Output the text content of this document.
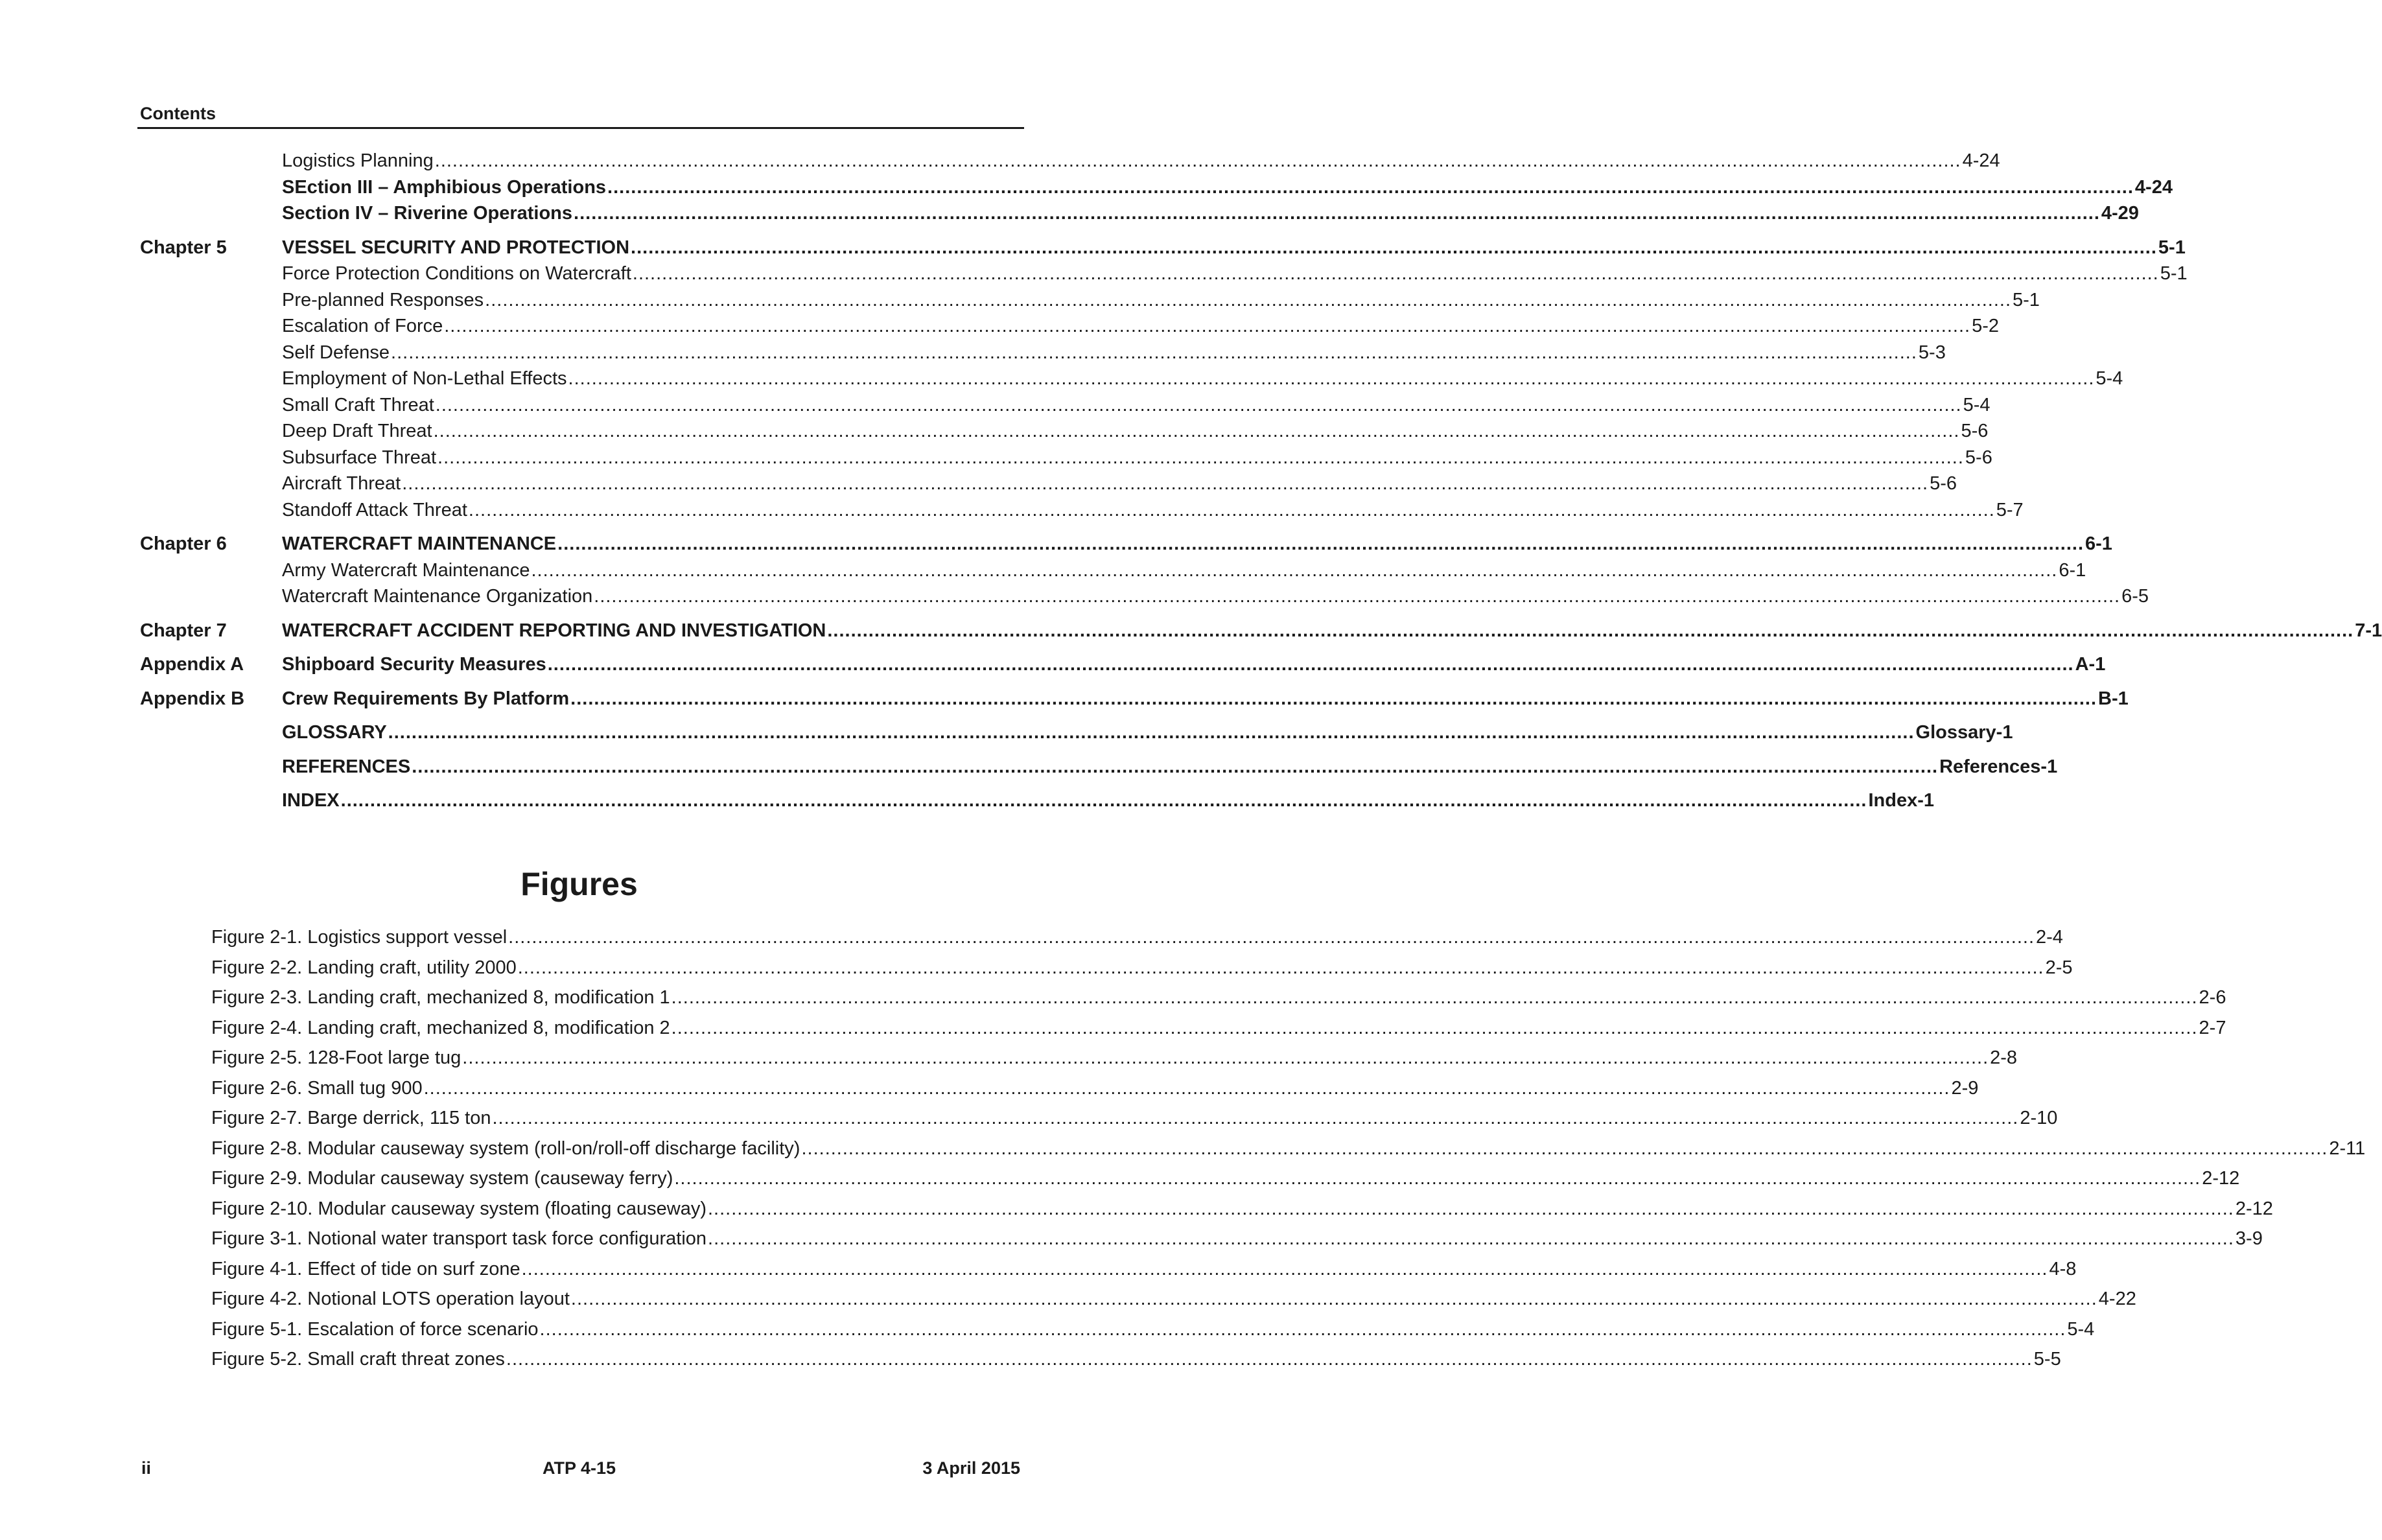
Contents
Logistics Planning .................................................................................................................................................................................................................................................................... 4-24
SEction III – Amphibious Operations .................................................................................................................................................................................................................................................................... 4-24
Section IV – Riverine Operations .................................................................................................................................................................................................................................................................... 4-29
Chapter 5	VESSEL SECURITY AND PROTECTION .................................................................................................................................................................................................................................................................... 5-1
Force Protection Conditions on Watercraft .................................................................................................................................................................................................................................................................... 5-1
Pre-planned Responses .................................................................................................................................................................................................................................................................... 5-1
Escalation of Force .................................................................................................................................................................................................................................................................... 5-2
Self Defense .................................................................................................................................................................................................................................................................... 5-3
Employment of Non-Lethal Effects .................................................................................................................................................................................................................................................................... 5-4
Small Craft Threat .................................................................................................................................................................................................................................................................... 5-4
Deep Draft Threat .................................................................................................................................................................................................................................................................... 5-6
Subsurface Threat .................................................................................................................................................................................................................................................................... 5-6
Aircraft Threat .................................................................................................................................................................................................................................................................... 5-6
Standoff Attack Threat .................................................................................................................................................................................................................................................................... 5-7
Chapter 6	WATERCRAFT MAINTENANCE .................................................................................................................................................................................................................................................................... 6-1
Army Watercraft Maintenance .................................................................................................................................................................................................................................................................... 6-1
Watercraft Maintenance Organization .................................................................................................................................................................................................................................................................... 6-5
Chapter 7	WATERCRAFT ACCIDENT REPORTING AND INVESTIGATION .................................................................................................................................................................................................................................................................... 7-1
Appendix A Shipboard Security Measures .................................................................................................................................................................................................................................................................... A-1
Appendix B Crew Requirements By Platform .................................................................................................................................................................................................................................................................... B-1
GLOSSARY .................................................................................................................................................................................................................................................................... Glossary-1
REFERENCES .................................................................................................................................................................................................................................................................... References-1
INDEX .................................................................................................................................................................................................................................................................... Index-1
Figures
Figure 2-1. Logistics support vessel .................................................................................................................................................................................................................................................................... 2-4
Figure 2-2. Landing craft, utility 2000 .................................................................................................................................................................................................................................................................... 2-5
Figure 2-3. Landing craft, mechanized 8, modification 1 .................................................................................................................................................................................................................................................................... 2-6
Figure 2-4. Landing craft, mechanized 8, modification 2 .................................................................................................................................................................................................................................................................... 2-7
Figure 2-5. 128-Foot large tug .................................................................................................................................................................................................................................................................... 2-8
Figure 2-6. Small tug 900 .................................................................................................................................................................................................................................................................... 2-9
Figure 2-7. Barge derrick, 115 ton .................................................................................................................................................................................................................................................................... 2-10
Figure 2-8. Modular causeway system (roll-on/roll-off discharge facility) .................................................................................................................................................................................................................................................................... 2-11
Figure 2-9. Modular causeway system (causeway ferry) .................................................................................................................................................................................................................................................................... 2-12
Figure 2-10. Modular causeway system (floating causeway) .................................................................................................................................................................................................................................................................... 2-12
Figure 3-1. Notional water transport task force configuration .................................................................................................................................................................................................................................................................... 3-9
Figure 4-1. Effect of tide on surf zone .................................................................................................................................................................................................................................................................... 4-8
Figure 4-2. Notional LOTS operation layout .................................................................................................................................................................................................................................................................... 4-22
Figure 5-1. Escalation of force scenario .................................................................................................................................................................................................................................................................... 5-4
Figure 5-2. Small craft threat zones .................................................................................................................................................................................................................................................................... 5-5
ii	ATP 4-15	3 April 2015
